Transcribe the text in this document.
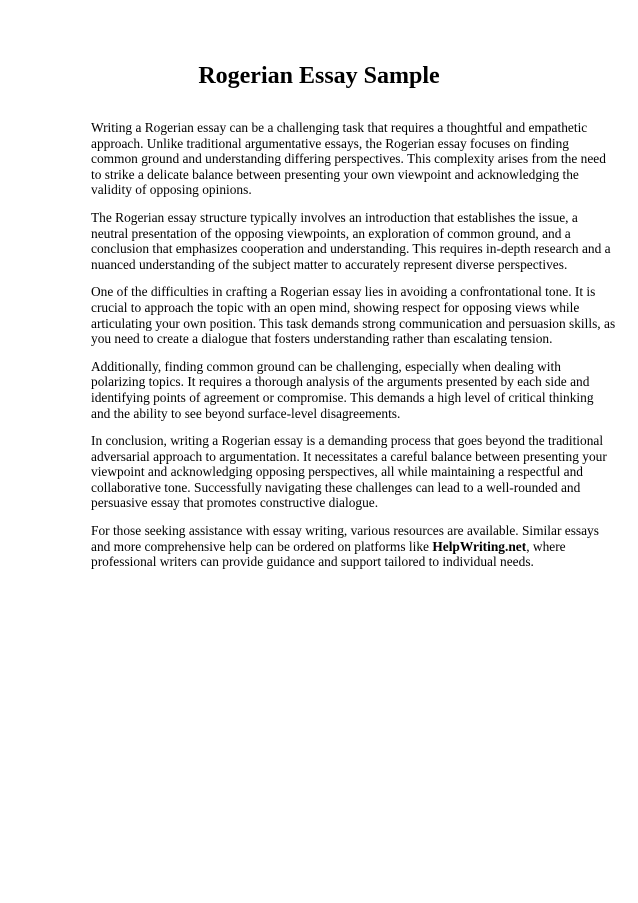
Rogerian Essay Sample

Writing a Rogerian essay can be a challenging task that requires a thoughtful and empathetic
approach. Unlike traditional argumentative essays, the Rogerian essay focuses on finding
common ground and understanding differing perspectives. This complexity arises from the need
to strike a delicate balance between presenting your own viewpoint and acknowledging the
validity of opposing opinions.

The Rogerian essay structure typically involves an introduction that establishes the issue, a
neutral presentation of the opposing viewpoints, an exploration of common ground, and a
conclusion that emphasizes cooperation and understanding. This requires in-depth research and a
nuanced understanding of the subject matter to accurately represent diverse perspectives.

One of the difficulties in crafting a Rogerian essay lies in avoiding a confrontational tone. It is
crucial to approach the topic with an open mind, showing respect for opposing views while
articulating your own position. This task demands strong communication and persuasion skills, as
you need to create a dialogue that fosters understanding rather than escalating tension.

Additionally, finding common ground can be challenging, especially when dealing with
polarizing topics. It requires a thorough analysis of the arguments presented by each side and
identifying points of agreement or compromise. This demands a high level of critical thinking
and the ability to see beyond surface-level disagreements.

In conclusion, writing a Rogerian essay is a demanding process that goes beyond the traditional
adversarial approach to argumentation. It necessitates a careful balance between presenting your
viewpoint and acknowledging opposing perspectives, all while maintaining a respectful and
collaborative tone. Successfully navigating these challenges can lead to a well-rounded and
persuasive essay that promotes constructive dialogue.

For those seeking assistance with essay writing, various resources are available. Similar essays
and more comprehensive help can be ordered on platforms like HelpWriting.net, where
professional writers can provide guidance and support tailored to individual needs.
